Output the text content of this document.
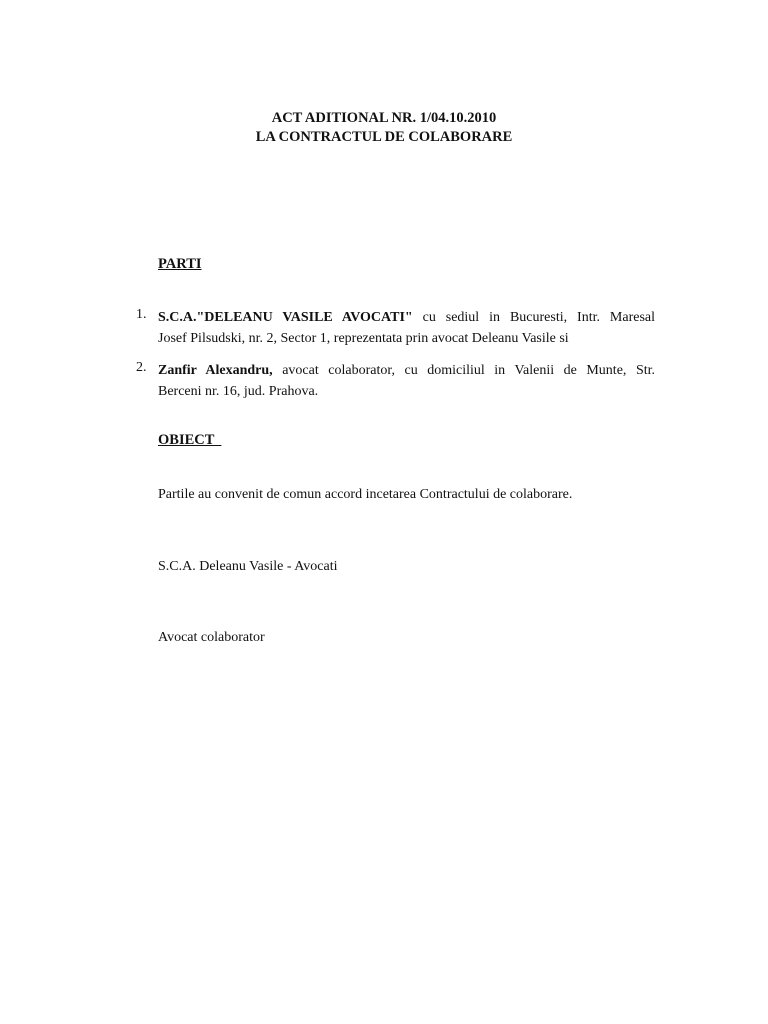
ACT ADITIONAL NR. 1/04.10.2010
LA CONTRACTUL DE COLABORARE
PARTI
1. S.C.A."DELEANU VASILE AVOCATI" cu sediul in Bucuresti, Intr. Maresal
Josef Pilsudski, nr. 2, Sector 1, reprezentata prin avocat Deleanu Vasile si
2. Zanfir Alexandru, avocat colaborator, cu domiciliul in Valenii de Munte, Str.
Berceni nr. 16, jud. Prahova.
OBIECT
Partile au convenit de comun accord incetarea Contractului de colaborare.
S.C.A. Deleanu Vasile - Avocati
Avocat colaborator
